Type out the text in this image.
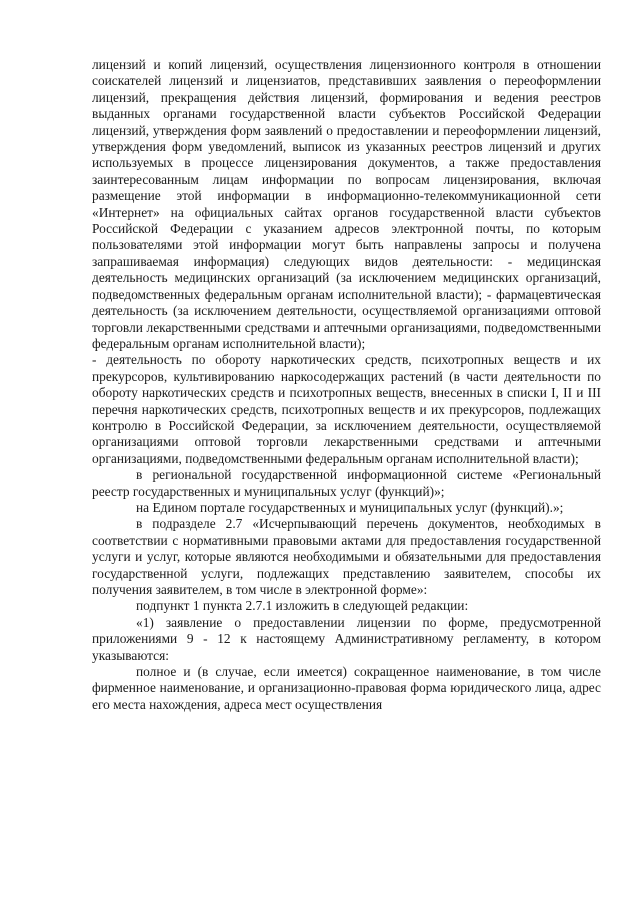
лицензий и копий лицензий, осуществления лицензионного контроля в отношении соискателей лицензий и лицензиатов, представивших заявления о переоформлении лицензий, прекращения действия лицензий, формирования и ведения реестров выданных органами государственной власти субъектов Российской Федерации лицензий, утверждения форм заявлений о предоставлении и переоформлении лицензий, утверждения форм уведомлений, выписок из указанных реестров лицензий и других используемых в процессе лицензирования документов, а также предоставления заинтересованным лицам информации по вопросам лицензирования, включая размещение этой информации в информационно-телекоммуникационной сети «Интернет» на официальных сайтах органов государственной власти субъектов Российской Федерации с указанием адресов электронной почты, по которым пользователями этой информации могут быть направлены запросы и получена запрашиваемая информация) следующих видов деятельности: - медицинская деятельность медицинских организаций (за исключением медицинских организаций, подведомственных федеральным органам исполнительной власти); - фармацевтическая деятельность (за исключением деятельности, осуществляемой организациями оптовой торговли лекарственными средствами и аптечными организациями, подведомственными федеральным органам исполнительной власти);

- деятельность по обороту наркотических средств, психотропных веществ и их прекурсоров, культивированию наркосодержащих растений (в части деятельности по обороту наркотических средств и психотропных веществ, внесенных в списки I, II и III перечня наркотических средств, психотропных веществ и их прекурсоров, подлежащих контролю в Российской Федерации, за исключением деятельности, осуществляемой организациями оптовой торговли лекарственными средствами и аптечными организациями, подведомственными федеральным органам исполнительной власти);

в региональной государственной информационной системе «Региональный реестр государственных и муниципальных услуг (функций)»;

на Едином портале государственных и муниципальных услуг (функций).»;

в подразделе 2.7 «Исчерпывающий перечень документов, необходимых в соответствии с нормативными правовыми актами для предоставления государственной услуги и услуг, которые являются необходимыми и обязательными для предоставления государственной услуги, подлежащих представлению заявителем, способы их получения заявителем, в том числе в электронной форме»:

подпункт 1 пункта 2.7.1 изложить в следующей редакции:

«1) заявление о предоставлении лицензии по форме, предусмотренной приложениями 9 - 12 к настоящему Административному регламенту, в котором указываются:

полное и (в случае, если имеется) сокращенное наименование, в том числе фирменное наименование, и организационно-правовая форма юридического лица, адрес его места нахождения, адреса мест осуществления
